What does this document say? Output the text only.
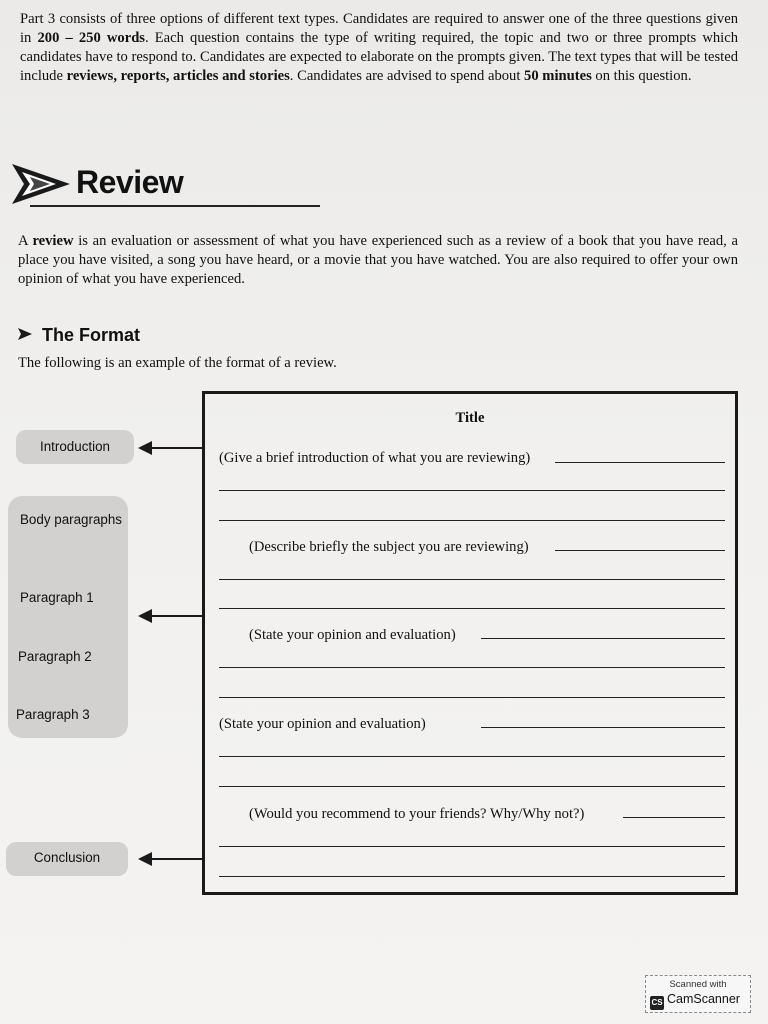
Part 3 consists of three options of different text types. Candidates are required to answer one of the three questions given in 200 – 250 words. Each question contains the type of writing required, the topic and two or three prompts which candidates have to respond to. Candidates are expected to elaborate on the prompts given. The text types that will be tested include reviews, reports, articles and stories. Candidates are advised to spend about 50 minutes on this question.
Review
A review is an evaluation or assessment of what you have experienced such as a review of a book that you have read, a place you have visited, a song you have heard, or a movie that you have watched. You are also required to offer your own opinion of what you have experienced.
The Format
The following is an example of the format of a review.
Introduction
Body paragraphs
Paragraph 1
Paragraph 2
Paragraph 3
Conclusion
Title
(Give a brief introduction of what you are reviewing)
(Describe briefly the subject you are reviewing)
(State your opinion and evaluation)
(State your opinion and evaluation)
(Would you recommend to your friends? Why/Why not?)
Scanned with
CS CamScanner
